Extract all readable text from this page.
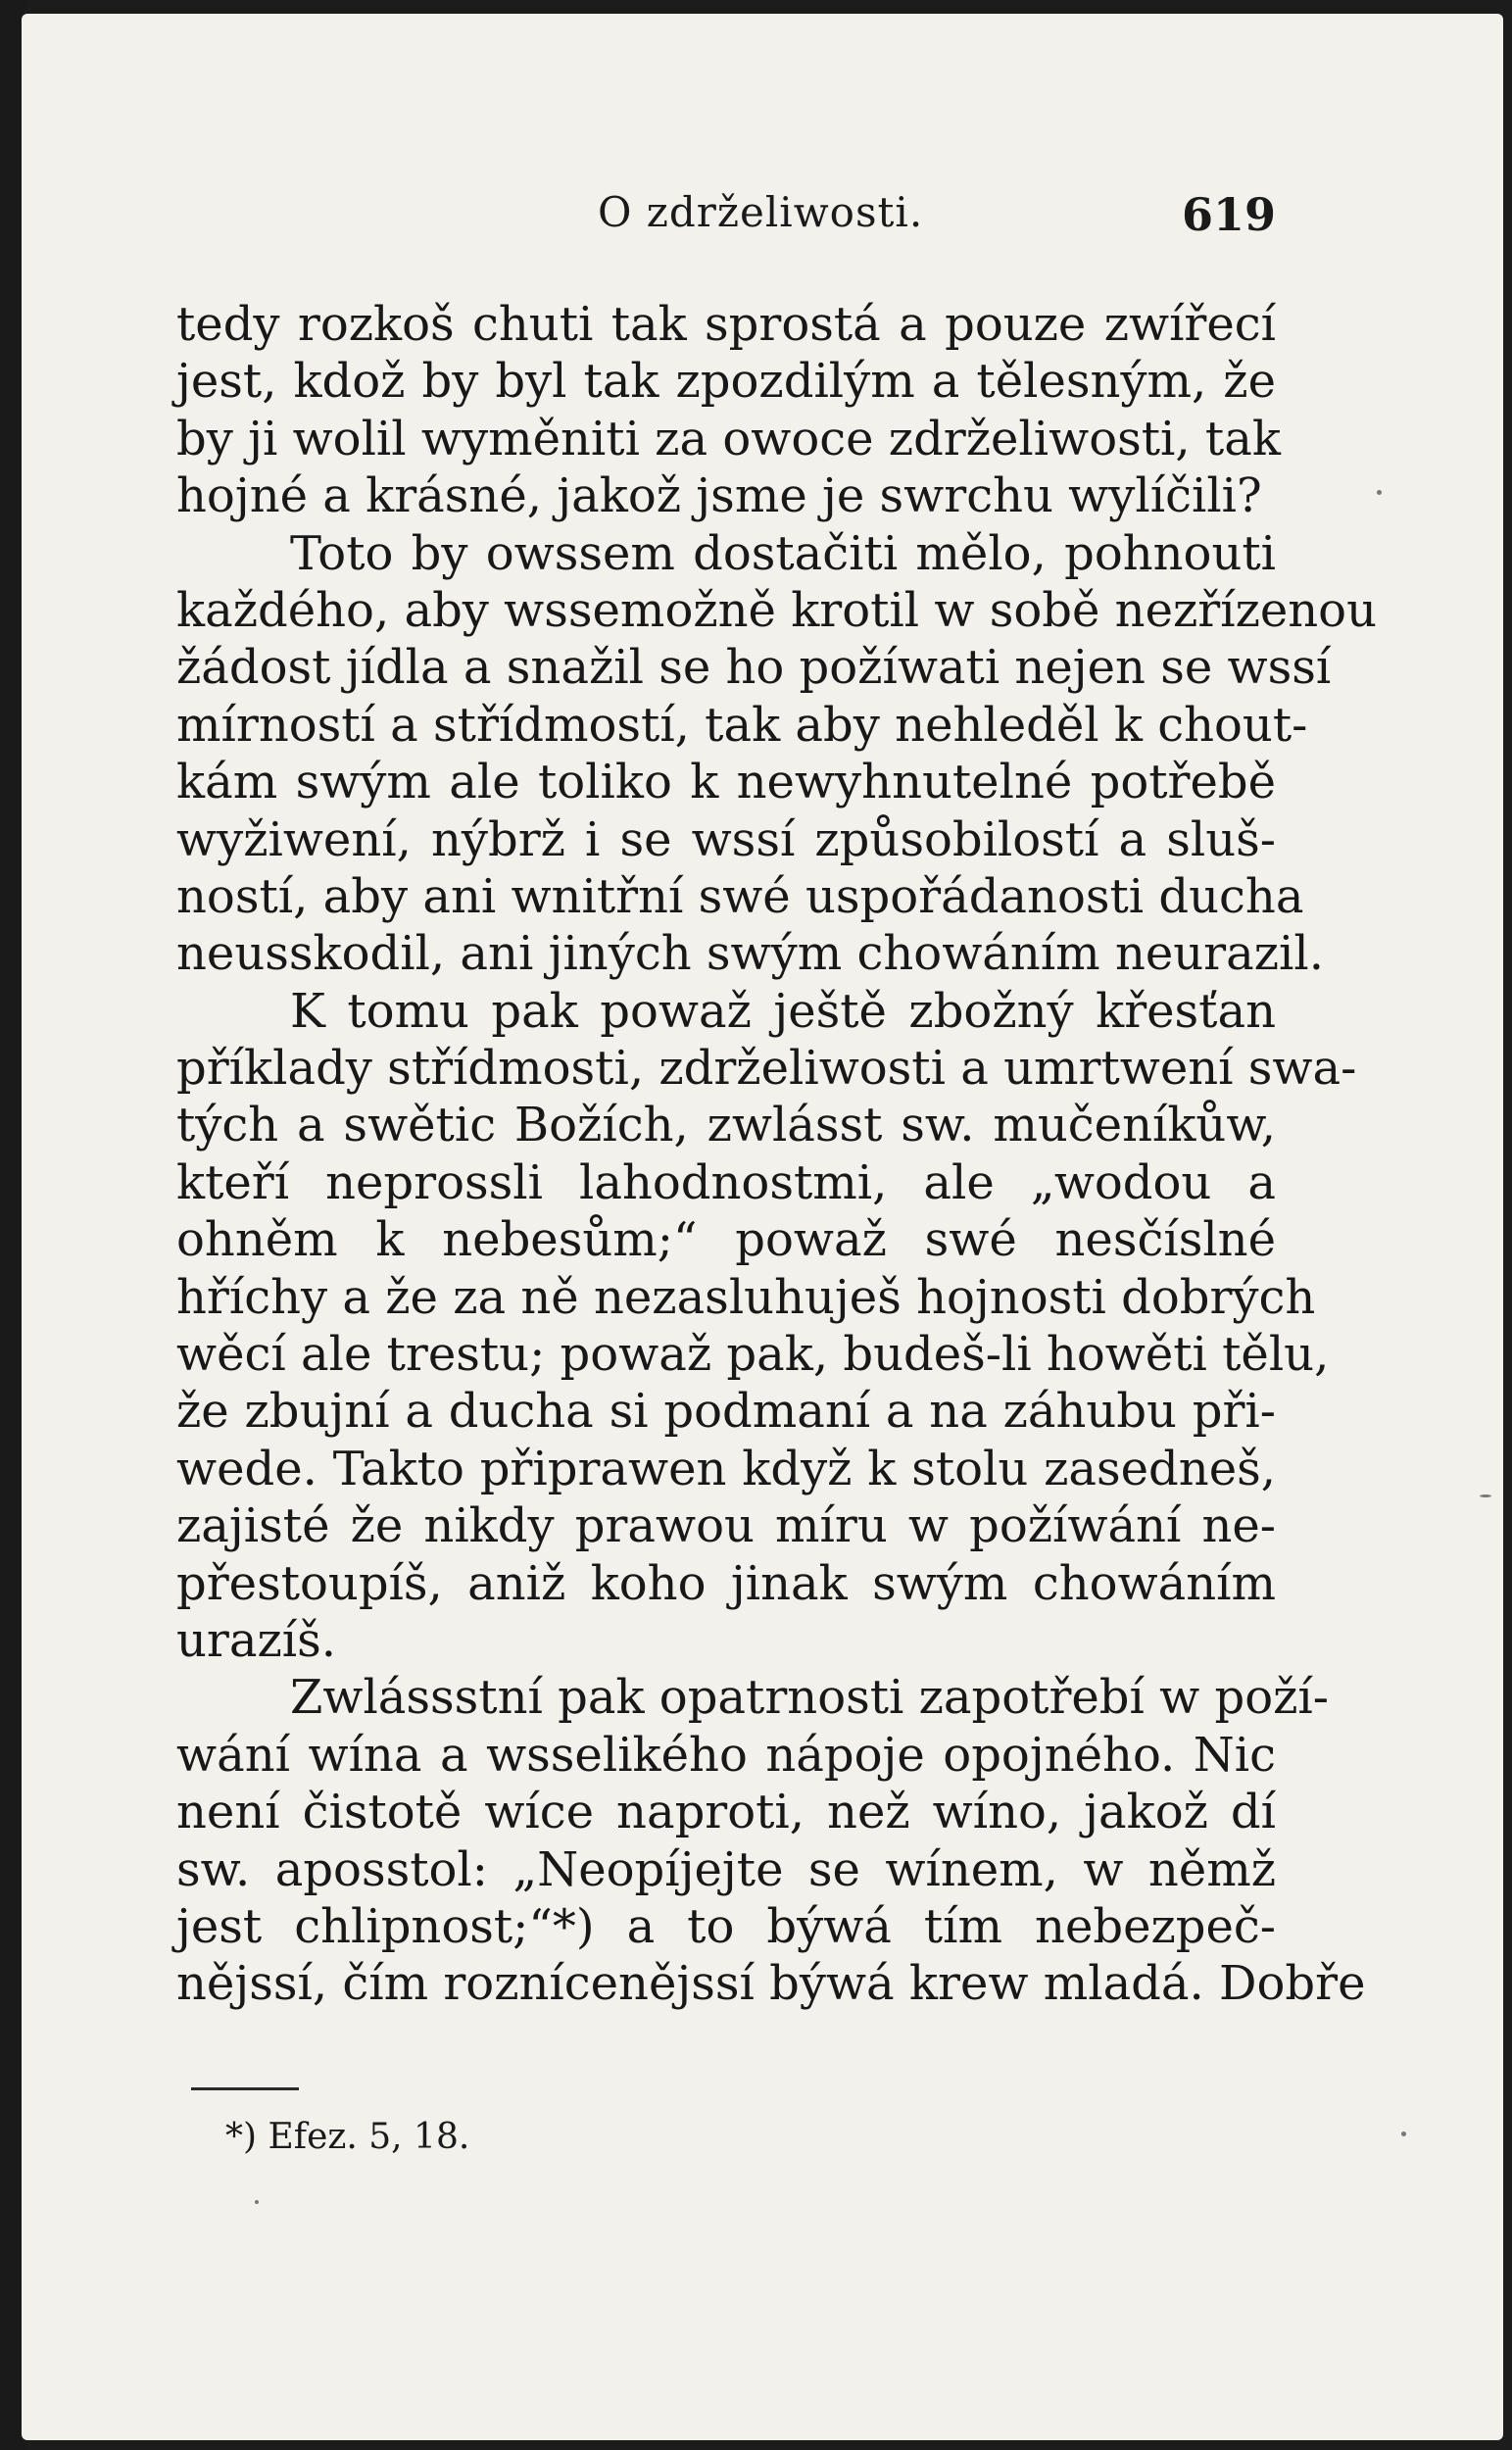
O zdrželiwosti.	619
tedy rozkoš chuti tak sprostá a pouze zwířecí
jest, kdož by byl tak zpozdilým a tělesným, že
by ji wolil wyměniti za owoce zdrželiwosti, tak
hojné a krásné, jakož jsme je swrchu wylíčili?
Toto by owssem dostačiti mělo, pohnouti
každého, aby wssemožně krotil w sobě nezřízenou
žádost jídla a snažil se ho požíwati nejen se wssí
mírností a střídmostí, tak aby nehleděl k chout-
kám swým ale toliko k newyhnutelné potřebě
wyžiwení, nýbrž i se wssí způsobilostí a sluš-
ností, aby ani wnitřní swé uspořádanosti ducha
neusskodil, ani jiných swým chowáním neurazil.
K tomu pak powaž ještě zbožný křesťan
příklady střídmosti, zdrželiwosti a umrtwení swa-
tých a swětic Božích, zwlásst sw. mučeníkůw,
kteří neprossli lahodnostmi, ale „wodou a
ohněm k nebesům;“ powaž swé nesčíslné
hříchy a že za ně nezasluhuješ hojnosti dobrých
wěcí ale trestu; powaž pak, budeš-li howěti tělu,
že zbujní a ducha si podmaní a na záhubu při-
wede. Takto připrawen když k stolu zasedneš,
zajisté že nikdy prawou míru w požíwání ne-
přestoupíš, aniž koho jinak swým chowáním
urazíš.
Zwlássstní pak opatrnosti zapotřebí w poží-
wání wína a wsselikého nápoje opojného. Nic
není čistotě wíce naproti, než wíno, jakož dí
sw. aposstol: „Neopíjejte se wínem, w němž
jest chlipnost;“*) a to býwá tím nebezpeč-
nějssí, čím roznícenějssí býwá krew mladá. Dobře
*) Efez. 5, 18.
